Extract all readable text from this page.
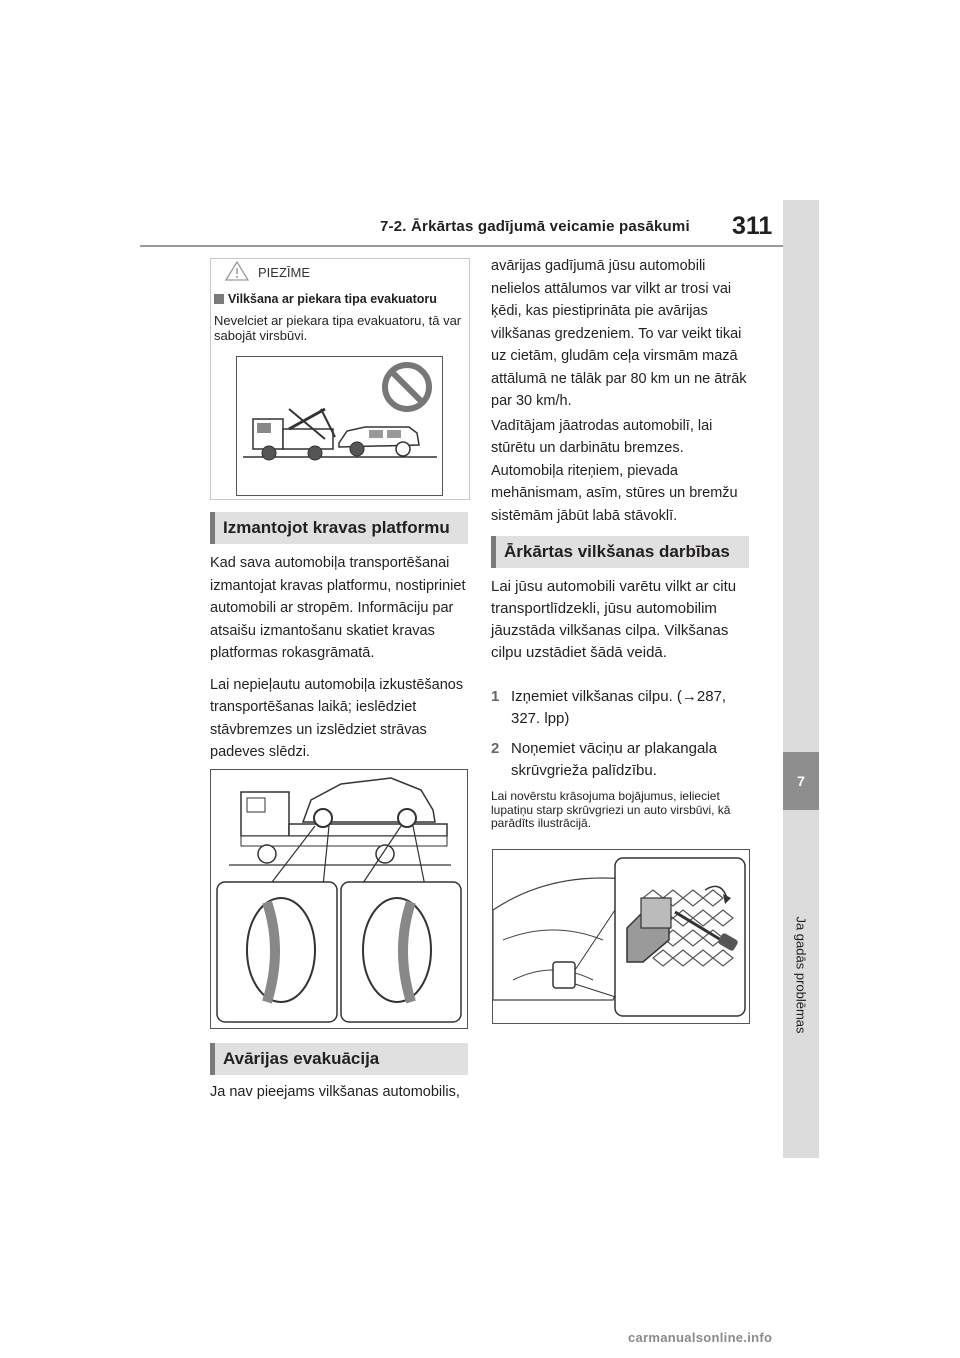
7-2. Ārkārtas gadījumā veicamie pasākumi 311
7
Ja gadās problēmas
PIEZĪME
Vilkšana ar piekara tipa evakuatoru
Nevelciet ar piekara tipa evakuatoru, tā var sabojāt virsbūvi.
Izmantojot kravas platformu

Kad sava automobiļa transportēšanai izmantojat kravas platformu, nostipriniet automobili ar stropēm. Informāciju par atsaišu izmantošanu skatiet kravas platformas rokasgrāmatā.

Lai nepieļautu automobiļa izkustēšanos transportēšanas laikā; ieslēdziet stāvbremzes un izslēdziet strāvas padeves slēdzi.

Avārijas evakuācija
Ja nav pieejams vilkšanas automobilis,

avārijas gadījumā jūsu automobili nelielos attālumos var vilkt ar trosi vai ķēdi, kas piestiprināta pie avārijas vilkšanas gredzeniem. To var veikt tikai uz cietām, gludām ceļa virsmām mazā attālumā ne tālāk par 80 km un ne ātrāk par 30 km/h.

Vadītājam jāatrodas automobilī, lai stūrētu un darbinātu bremzes. Automobiļa riteņiem, pievada mehānismam, asīm, stūres un bremžu sistēmām jābūt labā stāvoklī.

Ārkārtas vilkšanas darbības
Lai jūsu automobili varētu vilkt ar citu transportlīdzekli, jūsu automobilim jāuzstāda vilkšanas cilpa. Vilkšanas cilpu uzstādiet šādā veidā.
1 Izņemiet vilkšanas cilpu. (→287, 327. lpp)
2 Noņemiet vāciņu ar plakangala skrūvgrieža palīdzību.
Lai novērstu krāsojuma bojājumus, ielieciet lupatiņu starp skrūvgriezi un auto virsbūvi, kā parādīts ilustrācijā.
carmanualsonline.info
